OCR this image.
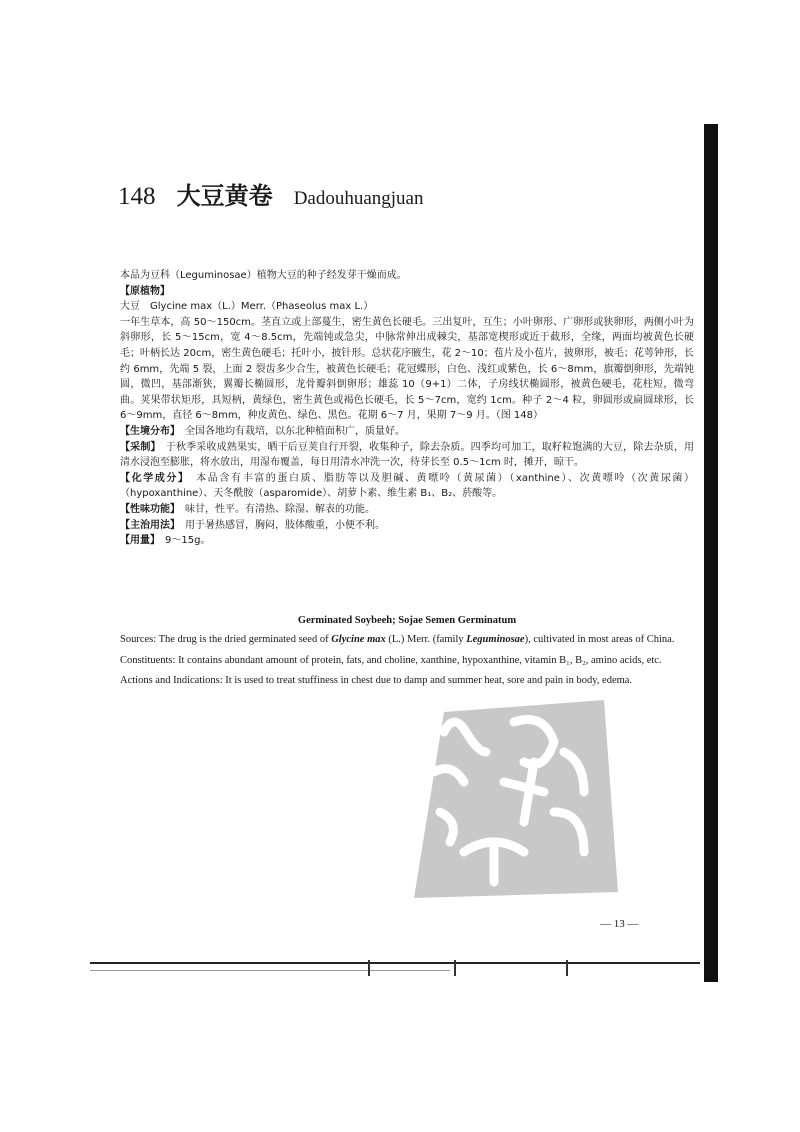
148 大豆黄卷 Dadouhuangjuan

本品为豆科（Leguminosae）植物大豆的种子经发芽干燥而成。

【原植物】

大豆　Glycine max（L.）Merr.（Phaseolus max L.）

一年生草本，高 50～150cm。茎直立或上部蔓生，密生黄色长硬毛。三出复叶，互生；小叶卵形、广卵形或狭卵形，两侧小叶为斜卵形，长 5～15cm，宽 4～8.5cm，先端钝或急尖，中脉常伸出成棘尖，基部宽楔形或近于截形，全缘，两面均被黄色长硬毛；叶柄长达 20cm，密生黄色硬毛；托叶小，披针形。总状花序腋生，花 2～10；苞片及小苞片，披卵形，被毛；花萼钟形，长约 6mm，先端 5 裂，上面 2 裂齿多少合生，被黄色长硬毛；花冠蝶形，白色、浅红或紫色，长 6～8mm，旗瓣倒卵形，先端钝圆，微凹，基部渐狭，翼瓣长椭圆形，龙骨瓣斜倒卵形；雄蕊 10（9+1）二体，子房线状椭圆形，被黄色硬毛，花柱短，微弯曲。荚果带状矩形，具短柄，黄绿色，密生黄色或褐色长硬毛，长 5～7cm，宽约 1cm。种子 2～4 粒，卵圆形或扁圆球形，长 6～9mm，直径 6～8mm，种皮黄色、绿色、黑色。花期 6～7 月，果期 7～9 月。（图 148）

【生境分布】　 全国各地均有栽培，以东北种植面积广，质量好。

【采制】　 于秋季采收成熟果实，晒干后豆荚自行开裂，收集种子，除去杂质。四季均可加工，取籽粒饱满的大豆，除去杂质，用清水浸泡至膨胀，将水放出，用湿布覆盖，每日用清水冲洗一次，待芽长至 0.5～1cm 时，摊开，晾干。

【化学成分】　 本品含有丰富的蛋白质、脂肪等以及胆碱、黄嘌呤（黄尿菌）（xanthine）、次黄嘌呤（次黄尿菌）（hypoxanthine）、天冬酰胺（asparomide）、胡萝卜素、维生素 B₁、B₂、菸酸等。

【性味功能】　 味甘，性平。有清热、除湿、解表的功能。

【主治用法】　 用于暑热感冒，胸闷，肢体酸重，小便不利。

【用量】　 9～15g。

Germinated Soybeeh; Sojae Semen Germinatum

Sources: The drug is the dried germinated seed of Glycine max (L.) Merr. (family Leguminosae), cultivated in most areas of China.

Constituents: It contains abundant amount of protein, fats, and choline, xanthine, hypoxanthine, vitamin B₁, B₂, amino acids, etc.

Actions and Indications: It is used to treat stuffiness in chest due to damp and summer heat, sore and pain in body, edema.

— 13 —
